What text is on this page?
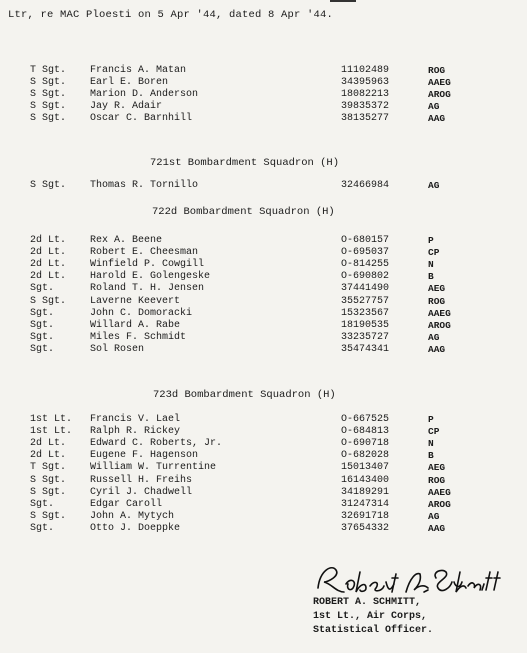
Ltr, re MAC Ploesti on 5 Apr '44, dated 8 Apr '44.
T Sgt. Francis A. Matan	11102489	ROG
S Sgt. Earl E. Boren	34395963	AAEG
S Sgt. Marion D. Anderson	18082213	AROG
S Sgt. Jay R. Adair	39835372	AG
S Sgt. Oscar C. Barnhill	38135277	AAG
721st Bombardment Squadron (H)
S Sgt. Thomas R. Tornillo	32466984	AG
722d Bombardment Squadron (H)
2d Lt. Rex A. Beene	O-680157	P
2d Lt. Robert E. Cheesman	O-695037	CP
2d Lt. Winfield P. Cowgill	O-814255	N
2d Lt. Harold E. Golengeske	O-690802	B
Sgt.	Roland T. H. Jensen	37441490	AEG
S Sgt. Laverne Keevert	35527757	ROG
Sgt.	John C. Domoracki	15323567	AAEG
Sgt.	Willard A. Rabe	18190535	AROG
Sgt.	Miles F. Schmidt	33235727	AG
Sgt.	Sol Rosen	35474341	AAG
723d Bombardment Squadron (H)
1st Lt. Francis V. Lael	O-667525	P
1st Lt. Ralph R. Rickey	O-684813	CP
2d Lt. Edward C. Roberts, Jr.	O-690718	N
2d Lt. Eugene F. Hagenson	O-682028	B
T Sgt. William W. Turrentine	15013407	AEG
S Sgt. Russell H. Freihs	16143400	ROG
S Sgt. Cyril J. Chadwell	34189291	AAEG
Sgt.	Edgar Caroll	31247314	AROG
S Sgt. John A. Mytych	32691718	AG
Sgt.	Otto J. Doeppke	37654332	AAG
ROBERT A. SCHMITT,
1st Lt., Air Corps,
Statistical Officer.
